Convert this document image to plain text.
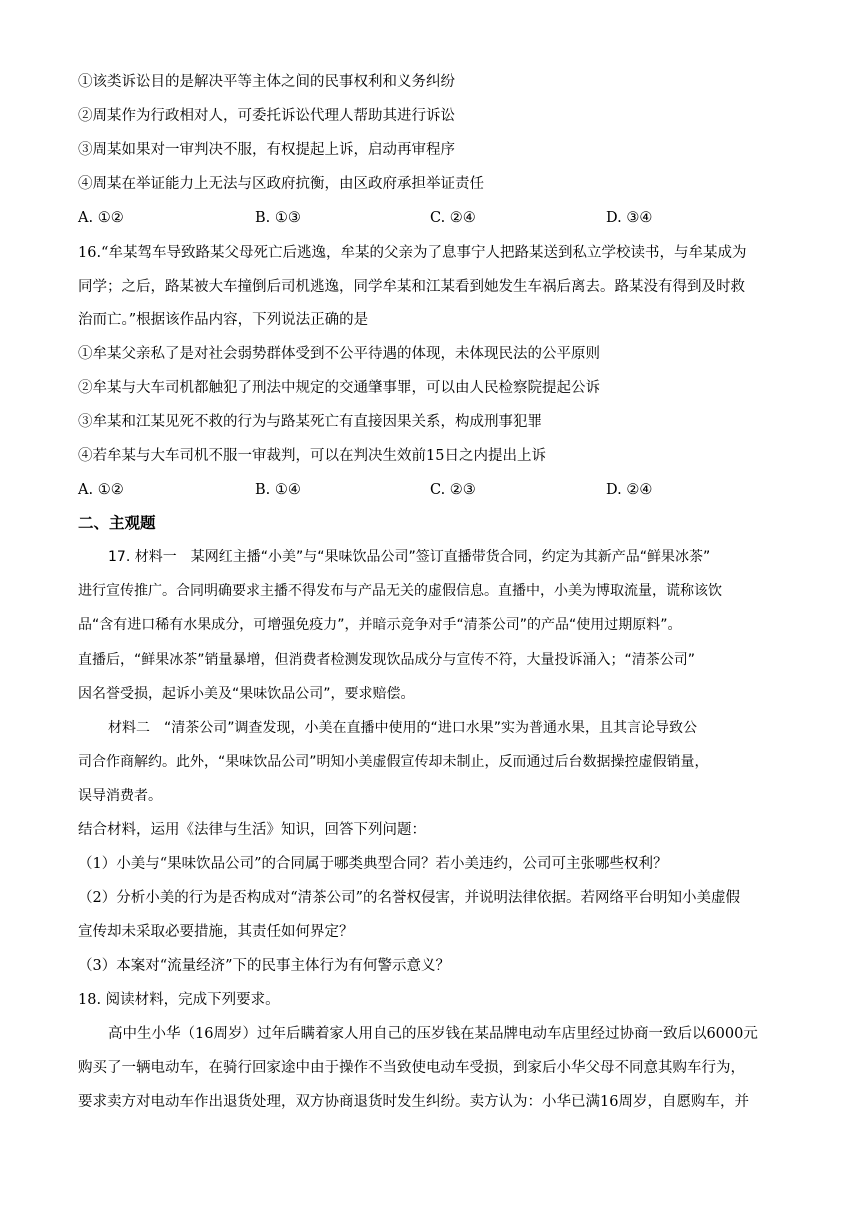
①该类诉讼目的是解决平等主体之间的民事权利和义务纠纷
②周某作为行政相对人，可委托诉讼代理人帮助其进行诉讼
③周某如果对一审判决不服，有权提起上诉，启动再审程序
④周某在举证能力上无法与区政府抗衡，由区政府承担举证责任
A. ①②	B. ①③	C. ②④	D. ③④
16.“牟某驾车导致路某父母死亡后逃逸，牟某的父亲为了息事宁人把路某送到私立学校读书，与牟某成为
同学；之后，路某被大车撞倒后司机逃逸，同学牟某和江某看到她发生车祸后离去。路某没有得到及时救
治而亡。”根据该作品内容，下列说法正确的是
①牟某父亲私了是对社会弱势群体受到不公平待遇的体现，未体现民法的公平原则
②牟某与大车司机都触犯了刑法中规定的交通肇事罪，可以由人民检察院提起公诉
③牟某和江某见死不救的行为与路某死亡有直接因果关系，构成刑事犯罪
④若牟某与大车司机不服一审裁判，可以在判决生效前15日之内提出上诉
A. ①②	B. ①④	C. ②③	D. ②④
二、主观题
17. 材料一　某网红主播“小美”与“果味饮品公司”签订直播带货合同，约定为其新产品“鲜果冰茶”
进行宣传推广。合同明确要求主播不得发布与产品无关的虚假信息。直播中，小美为博取流量，谎称该饮
品“含有进口稀有水果成分，可增强免疫力”，并暗示竞争对手“清茶公司”的产品“使用过期原料”。
直播后，“鲜果冰茶”销量暴增，但消费者检测发现饮品成分与宣传不符，大量投诉涌入；“清茶公司”
因名誉受损，起诉小美及“果味饮品公司”，要求赔偿。
材料二　“清茶公司”调查发现，小美在直播中使用的“进口水果”实为普通水果，且其言论导致公
司合作商解约。此外，“果味饮品公司”明知小美虚假宣传却未制止，反而通过后台数据操控虚假销量，
误导消费者。
结合材料，运用《法律与生活》知识，回答下列问题：
（1）小美与“果味饮品公司”的合同属于哪类典型合同？若小美违约，公司可主张哪些权利？
（2）分析小美的行为是否构成对“清茶公司”的名誉权侵害，并说明法律依据。若网络平台明知小美虚假
宣传却未采取必要措施，其责任如何界定？
（3）本案对“流量经济”下的民事主体行为有何警示意义？
18. 阅读材料，完成下列要求。
高中生小华（16周岁）过年后瞒着家人用自己的压岁钱在某品牌电动车店里经过协商一致后以6000元
购买了一辆电动车，在骑行回家途中由于操作不当致使电动车受损，到家后小华父母不同意其购车行为，
要求卖方对电动车作出退货处理，双方协商退货时发生纠纷。卖方认为：小华已满16周岁，自愿购车，并
